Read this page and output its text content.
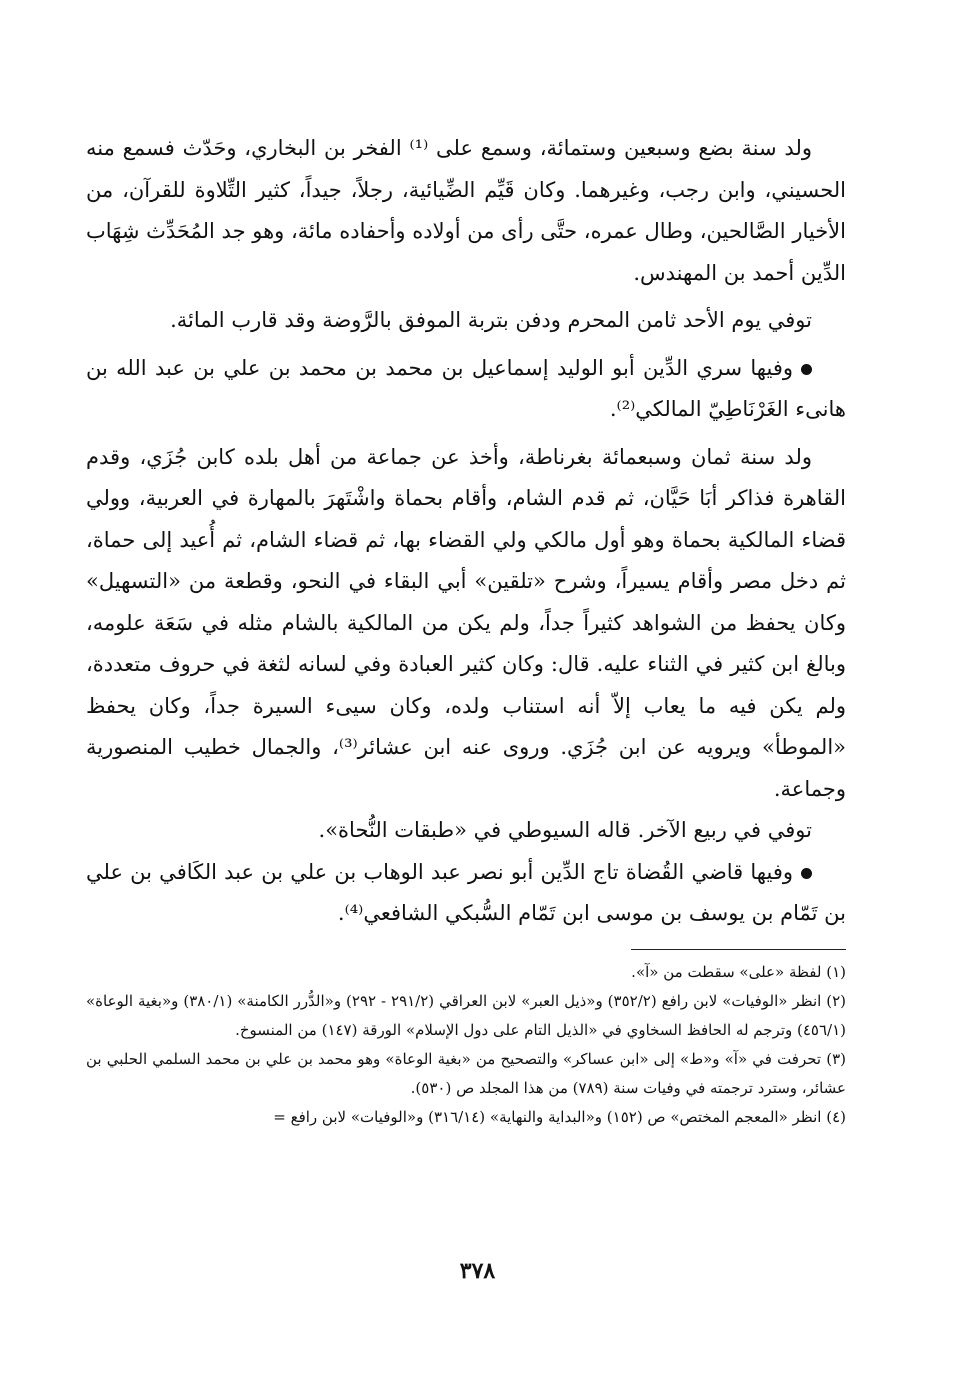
ولد سنة بضع وسبعين وستمائة، وسمع على ⁽¹⁾ الفخر بن البخاري، وحَدّث فسمع منه الحسيني، وابن رجب، وغيرهما. وكان قَيِّم الضِّيائية، رجلاً، جيداً، كثير التِّلاوة للقرآن، من الأخيار الصَّالحين، وطال عمره، حتَّى رأى من أولاده وأحفاده مائة، وهو جد المُحَدِّث شِهَاب الدِّين أحمد بن المهندس.

توفي يوم الأحد ثامن المحرم ودفن بتربة الموفق بالرَّوضة وقد قارب المائة.

وفيها سري الدِّين أبو الوليد إسماعيل بن محمد بن محمد بن علي بن عبد الله بن هانىء الغَرْنَاطِيّ المالكي⁽²⁾.

ولد سنة ثمان وسبعمائة بغرناطة، وأخذ عن جماعة من أهل بلده كابن جُزَي، وقدم القاهرة فذاكر أبَا حَيَّان، ثم قدم الشام، وأقام بحماة واشْتَهرَ بالمهارة في العربية، وولي قضاء المالكية بحماة وهو أول مالكي ولي القضاء بها، ثم قضاء الشام، ثم أُعيد إلى حماة، ثم دخل مصر وأقام يسيراً، وشرح «تلقين» أبي البقاء في النحو، وقطعة من «التسهيل» وكان يحفظ من الشواهد كثيراً جداً، ولم يكن من المالكية بالشام مثله في سَعَة علومه، وبالغ ابن كثير في الثناء عليه. قال: وكان كثير العبادة وفي لسانه لثغة في حروف متعددة، ولم يكن فيه ما يعاب إلاّ أنه استناب ولده، وكان سيىء السيرة جداً، وكان يحفظ «الموطأ» ويرويه عن ابن جُزَي. وروى عنه ابن عشائر⁽³⁾، والجمال خطيب المنصورية وجماعة.

توفي في ربيع الآخر. قاله السيوطي في «طبقات النُّحاة».

وفيها قاضي القُضاة تاج الدِّين أبو نصر عبد الوهاب بن علي بن عبد الكَافي بن علي بن تَمّام بن يوسف بن موسى ابن تَمّام السُّبكي الشافعي⁽⁴⁾.

(١) لفظة «على» سقطت من «آ».

(٢) انظر «الوفيات» لابن رافع (٣٥٢/٢) و«ذيل العبر» لابن العراقي (٢٩١/٢ - ٢٩٢) و«الدُّرر الكامنة» (٣٨٠/١) و«بغية الوعاة» (٤٥٦/١) وترجم له الحافظ السخاوي في «الذيل التام على دول الإسلام» الورقة (١٤٧) من المنسوخ.

(٣) تحرفت في «آ» و«ط» إلى «ابن عساكر» والتصحيح من «بغية الوعاة» وهو محمد بن علي بن محمد السلمي الحلبي بن عشائر، وسترد ترجمته في وفيات سنة (٧٨٩) من هذا المجلد ص (٥٣٠).

(٤) انظر «المعجم المختص» ص (١٥٢) و«البداية والنهاية» (٣١٦/١٤) و«الوفيات» لابن رافع =

٣٧٨
